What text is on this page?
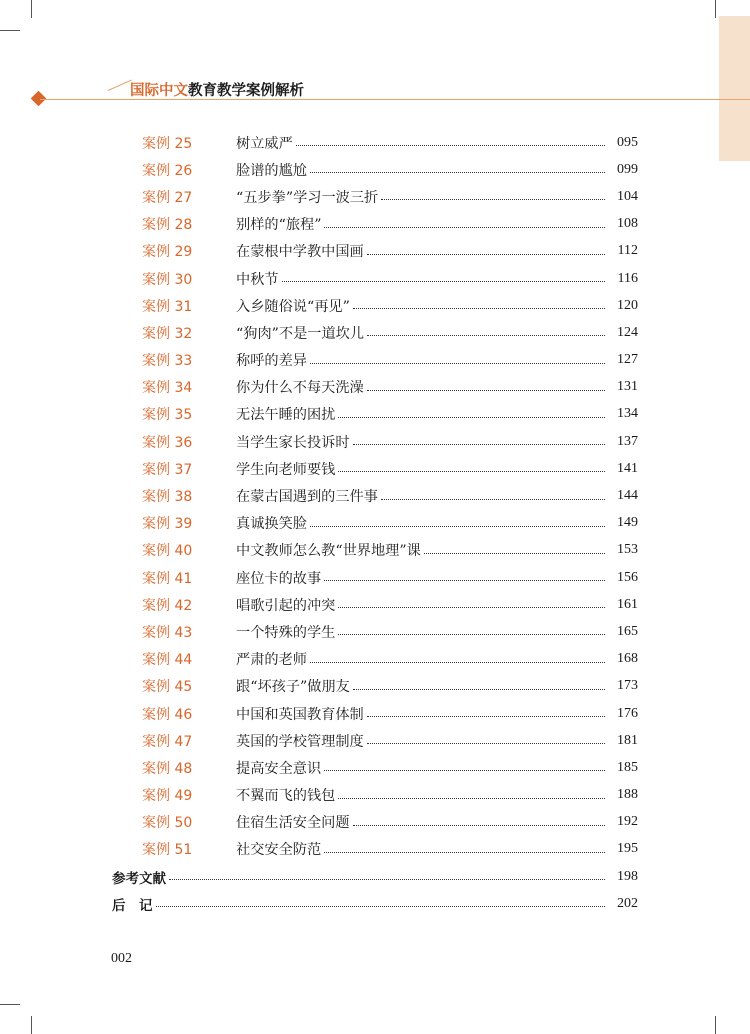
国际中文教育教学案例解析
案例 25	树立威严	095
案例 26	脸谱的尴尬	099
案例 27	“五步拳”学习一波三折	104
案例 28	别样的“旅程”	108
案例 29	在蒙根中学教中国画	112
案例 30	中秋节	116
案例 31	入乡随俗说“再见”	120
案例 32	“狗肉”不是一道坎儿	124
案例 33	称呼的差异	127
案例 34	你为什么不每天洗澡	131
案例 35	无法午睡的困扰	134
案例 36	当学生家长投诉时	137
案例 37	学生向老师要钱	141
案例 38	在蒙古国遇到的三件事	144
案例 39	真诚换笑脸	149
案例 40	中文教师怎么教“世界地理”课	153
案例 41	座位卡的故事	156
案例 42	唱歌引起的冲突	161
案例 43	一个特殊的学生	165
案例 44	严肃的老师	168
案例 45	跟“坏孩子”做朋友	173
案例 46	中国和英国教育体制	176
案例 47	英国的学校管理制度	181
案例 48	提高安全意识	185
案例 49	不翼而飞的钱包	188
案例 50	住宿生活安全问题	192
案例 51	社交安全防范	195
参考文献	198
后　记	202
002
